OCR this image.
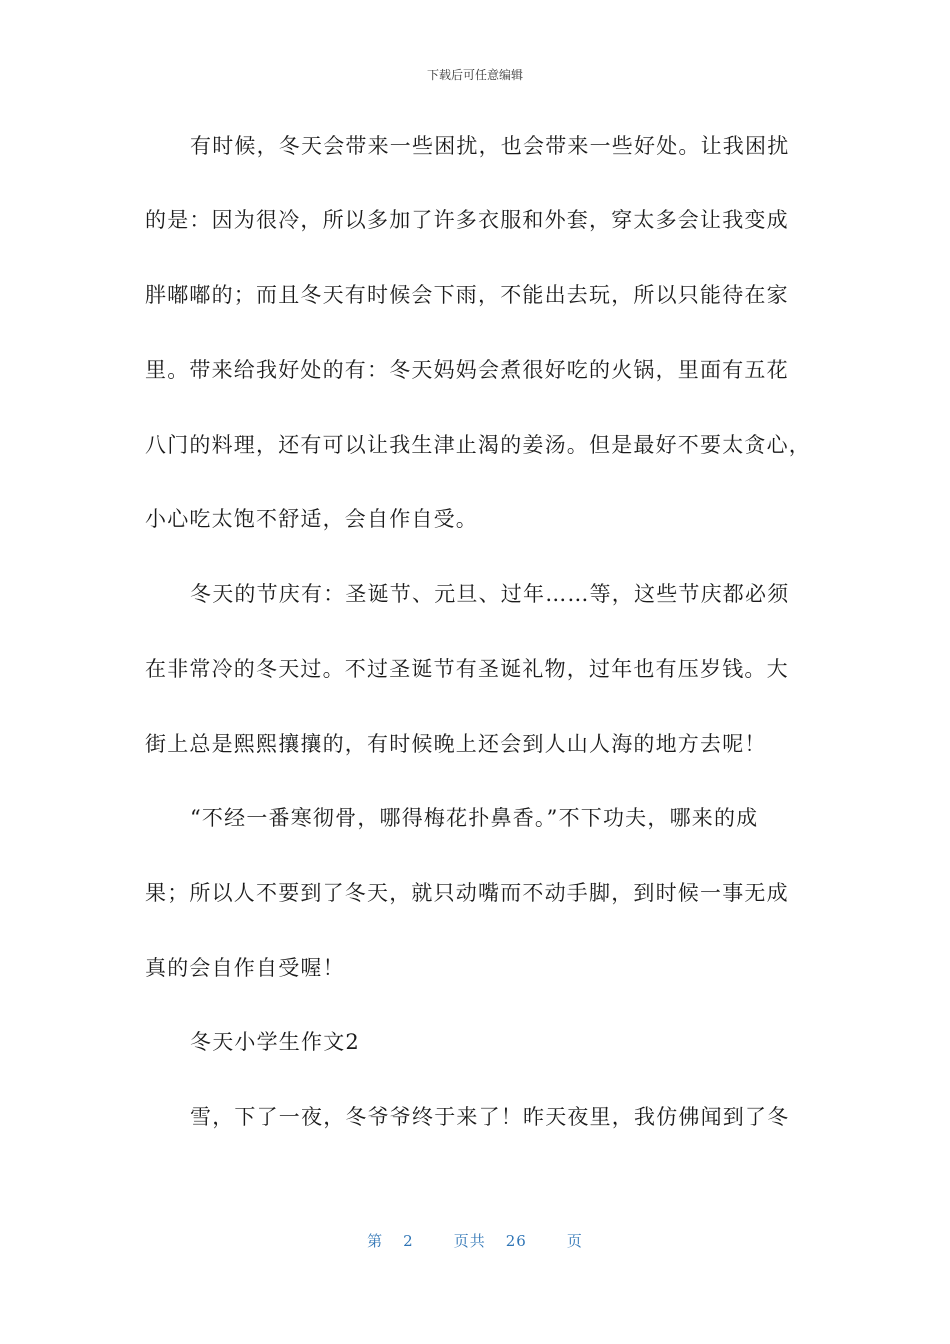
下载后可任意编辑
有时候，冬天会带来一些困扰，也会带来一些好处。让我困扰
的是：因为很冷，所以多加了许多衣服和外套，穿太多会让我变成
胖嘟嘟的；而且冬天有时候会下雨，不能出去玩，所以只能待在家
里。带来给我好处的有：冬天妈妈会煮很好吃的火锅，里面有五花
八门的料理，还有可以让我生津止渴的姜汤。但是最好不要太贪心，
小心吃太饱不舒适，会自作自受。
冬天的节庆有：圣诞节、元旦、过年……等，这些节庆都必须
在非常冷的冬天过。不过圣诞节有圣诞礼物，过年也有压岁钱。大
街上总是熙熙攘攘的，有时候晚上还会到人山人海的地方去呢！
“不经一番寒彻骨，哪得梅花扑鼻香。”不下功夫，哪来的成
果；所以人不要到了冬天，就只动嘴而不动手脚，到时候一事无成
真的会自作自受喔！
冬天小学生作文2
雪，下了一夜，冬爷爷终于来了！昨天夜里，我仿佛闻到了冬
第 2	页共 26	页
